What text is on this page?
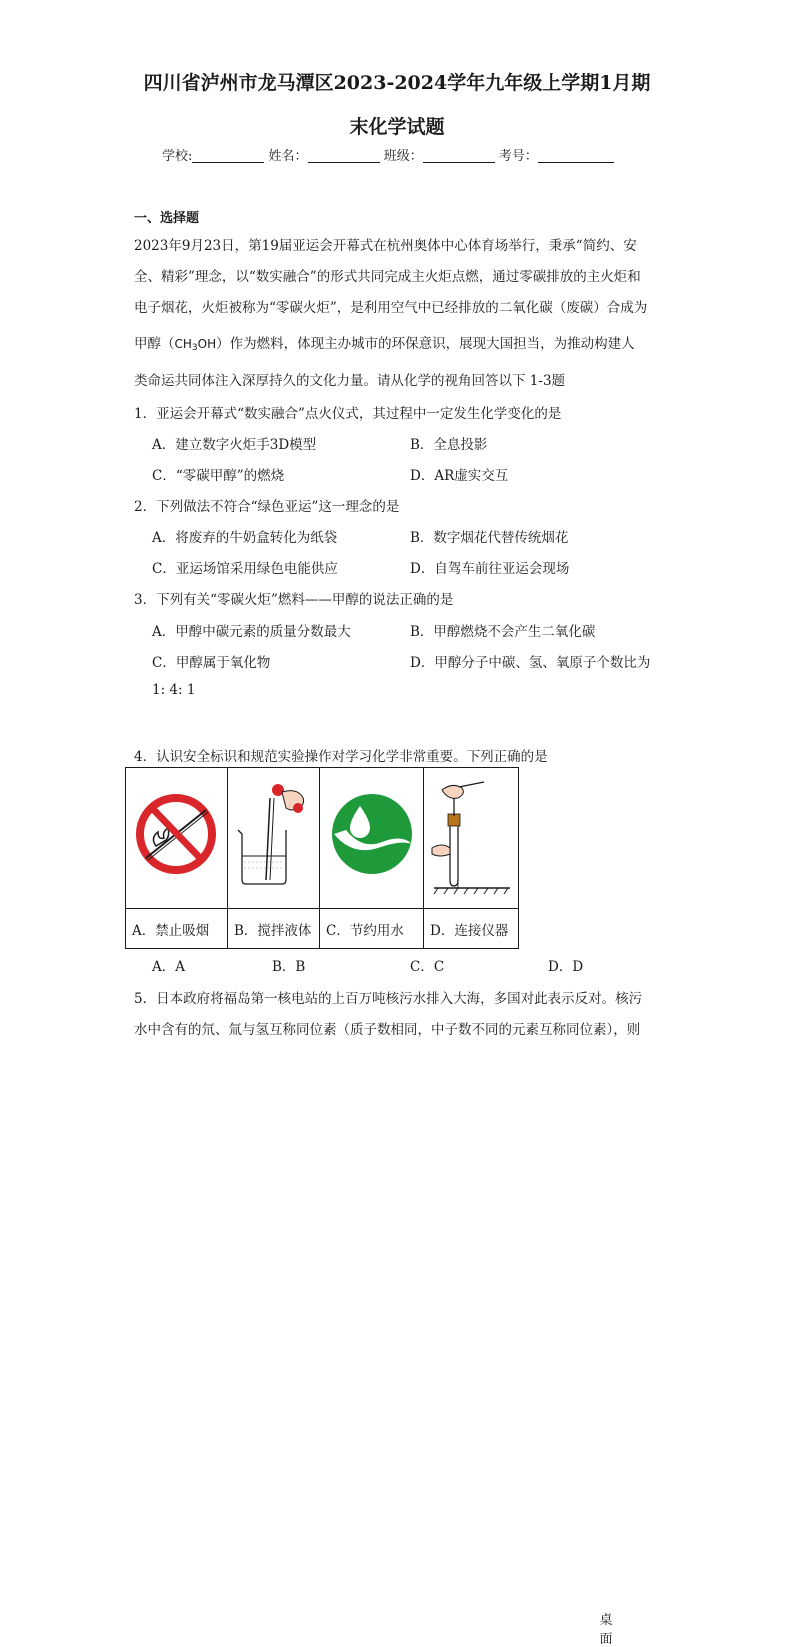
四川省泸州市龙马潭区2023-2024学年九年级上学期1月期
末化学试题
学校:	姓名：	班级：	考号：
一、选择题
2023年9月23日，第19届亚运会开幕式在杭州奥体中心体育场举行，秉承“简约、安
全、精彩”理念，以“数实融合”的形式共同完成主火炬点燃，通过零碳排放的主火炬和
电子烟花，火炬被称为“零碳火炬”，是利用空气中已经排放的二氧化碳（废碳）合成为
甲醇$(CH_3OH)$作为燃料，体现主办城市的环保意识，展现大国担当，为推动构建人
类命运共同体注入深厚持久的文化力量。请从化学的视角回答以下 1-3题
1．亚运会开幕式“数实融合”点火仪式，其过程中一定发生化学变化的是
A．建立数字火炬手3D模型	B．全息投影
C．“零碳甲醇”的燃烧	D．AR虚实交互
2．下列做法不符合“绿色亚运”这一理念的是
A．将废弃的牛奶盒转化为纸袋	B．数字烟花代替传统烟花
C．亚运场馆采用绿色电能供应	D．自驾车前往亚运会现场
3．下列有关“零碳火炬”燃料——甲醇的说法正确的是
A．甲醇中碳元素的质量分数最大	B．甲醇燃烧不会产生二氧化碳
C．甲醇属于氧化物	D．甲醇分子中碳、氢、氧原子个数比为
1: 4: 1
4．认识安全标识和规范实验操作对学习化学非常重要。下列正确的是

桌面

A．禁止吸烟	B．搅拌液体	C．节约用水	D．连接仪器
A．A	B．B	C．C	D．D
5．日本政府将福岛第一核电站的上百万吨核污水排入大海，多国对此表示反对。核污
水中含有的氘、氚与氢互称同位素（质子数相同，中子数不同的元素互称同位素），则
